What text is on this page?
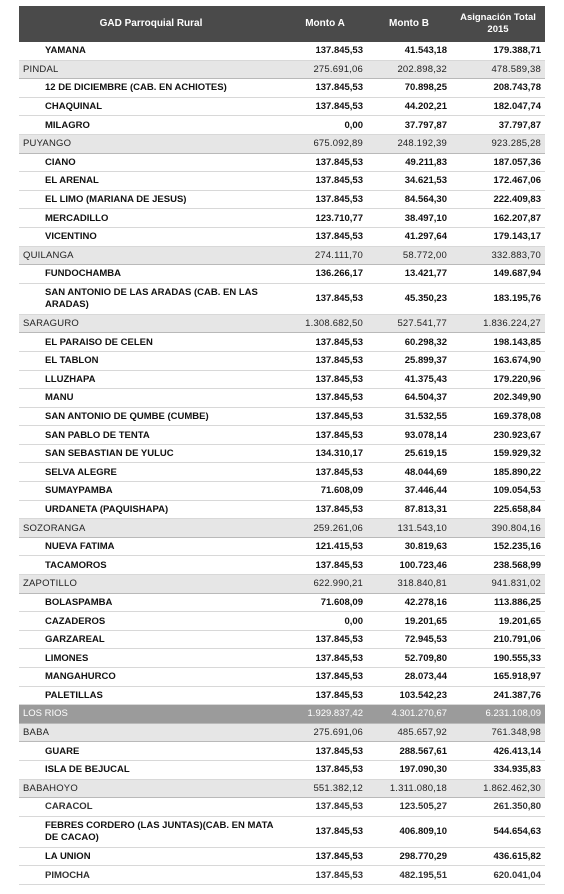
GAD Parroquial Rural	Monto A	Monto B	Asignación Total 2015
YAMANA	137.845,53	41.543,18	179.388,71
PINDAL	275.691,06	202.898,32	478.589,38
12 DE DICIEMBRE (CAB. EN ACHIOTES)	137.845,53	70.898,25	208.743,78
CHAQUINAL	137.845,53	44.202,21	182.047,74
MILAGRO	0,00	37.797,87	37.797,87
PUYANGO	675.092,89	248.192,39	923.285,28
CIANO	137.845,53	49.211,83	187.057,36
EL ARENAL	137.845,53	34.621,53	172.467,06
EL LIMO (MARIANA DE JESUS)	137.845,53	84.564,30	222.409,83
MERCADILLO	123.710,77	38.497,10	162.207,87
VICENTINO	137.845,53	41.297,64	179.143,17
QUILANGA	274.111,70	58.772,00	332.883,70
FUNDOCHAMBA	136.266,17	13.421,77	149.687,94
SAN ANTONIO DE LAS ARADAS (CAB. EN LAS ARADAS)	137.845,53	45.350,23	183.195,76
SARAGURO	1.308.682,50	527.541,77	1.836.224,27
EL PARAISO DE CELEN	137.845,53	60.298,32	198.143,85
EL TABLON	137.845,53	25.899,37	163.674,90
LLUZHAPA	137.845,53	41.375,43	179.220,96
MANU	137.845,53	64.504,37	202.349,90
SAN ANTONIO DE QUMBE (CUMBE)	137.845,53	31.532,55	169.378,08
SAN PABLO DE TENTA	137.845,53	93.078,14	230.923,67
SAN SEBASTIAN DE YULUC	134.310,17	25.619,15	159.929,32
SELVA ALEGRE	137.845,53	48.044,69	185.890,22
SUMAYPAMBA	71.608,09	37.446,44	109.054,53
URDANETA (PAQUISHAPA)	137.845,53	87.813,31	225.658,84
SOZORANGA	259.261,06	131.543,10	390.804,16
NUEVA FATIMA	121.415,53	30.819,63	152.235,16
TACAMOROS	137.845,53	100.723,46	238.568,99
ZAPOTILLO	622.990,21	318.840,81	941.831,02
BOLASPAMBA	71.608,09	42.278,16	113.886,25
CAZADEROS	0,00	19.201,65	19.201,65
GARZAREAL	137.845,53	72.945,53	210.791,06
LIMONES	137.845,53	52.709,80	190.555,33
MANGAHURCO	137.845,53	28.073,44	165.918,97
PALETILLAS	137.845,53	103.542,23	241.387,76
LOS RIOS	1.929.837,42	4.301.270,67	6.231.108,09
BABA	275.691,06	485.657,92	761.348,98
GUARE	137.845,53	288.567,61	426.413,14
ISLA DE BEJUCAL	137.845,53	197.090,30	334.935,83
BABAHOYO	551.382,12	1.311.080,18	1.862.462,30
CARACOL	137.845,53	123.505,27	261.350,80
FEBRES CORDERO (LAS JUNTAS)(CAB. EN MATA DE CACAO)	137.845,53	406.809,10	544.654,63
LA UNION	137.845,53	298.770,29	436.615,82
PIMOCHA	137.845,53	482.195,51	620.041,04
